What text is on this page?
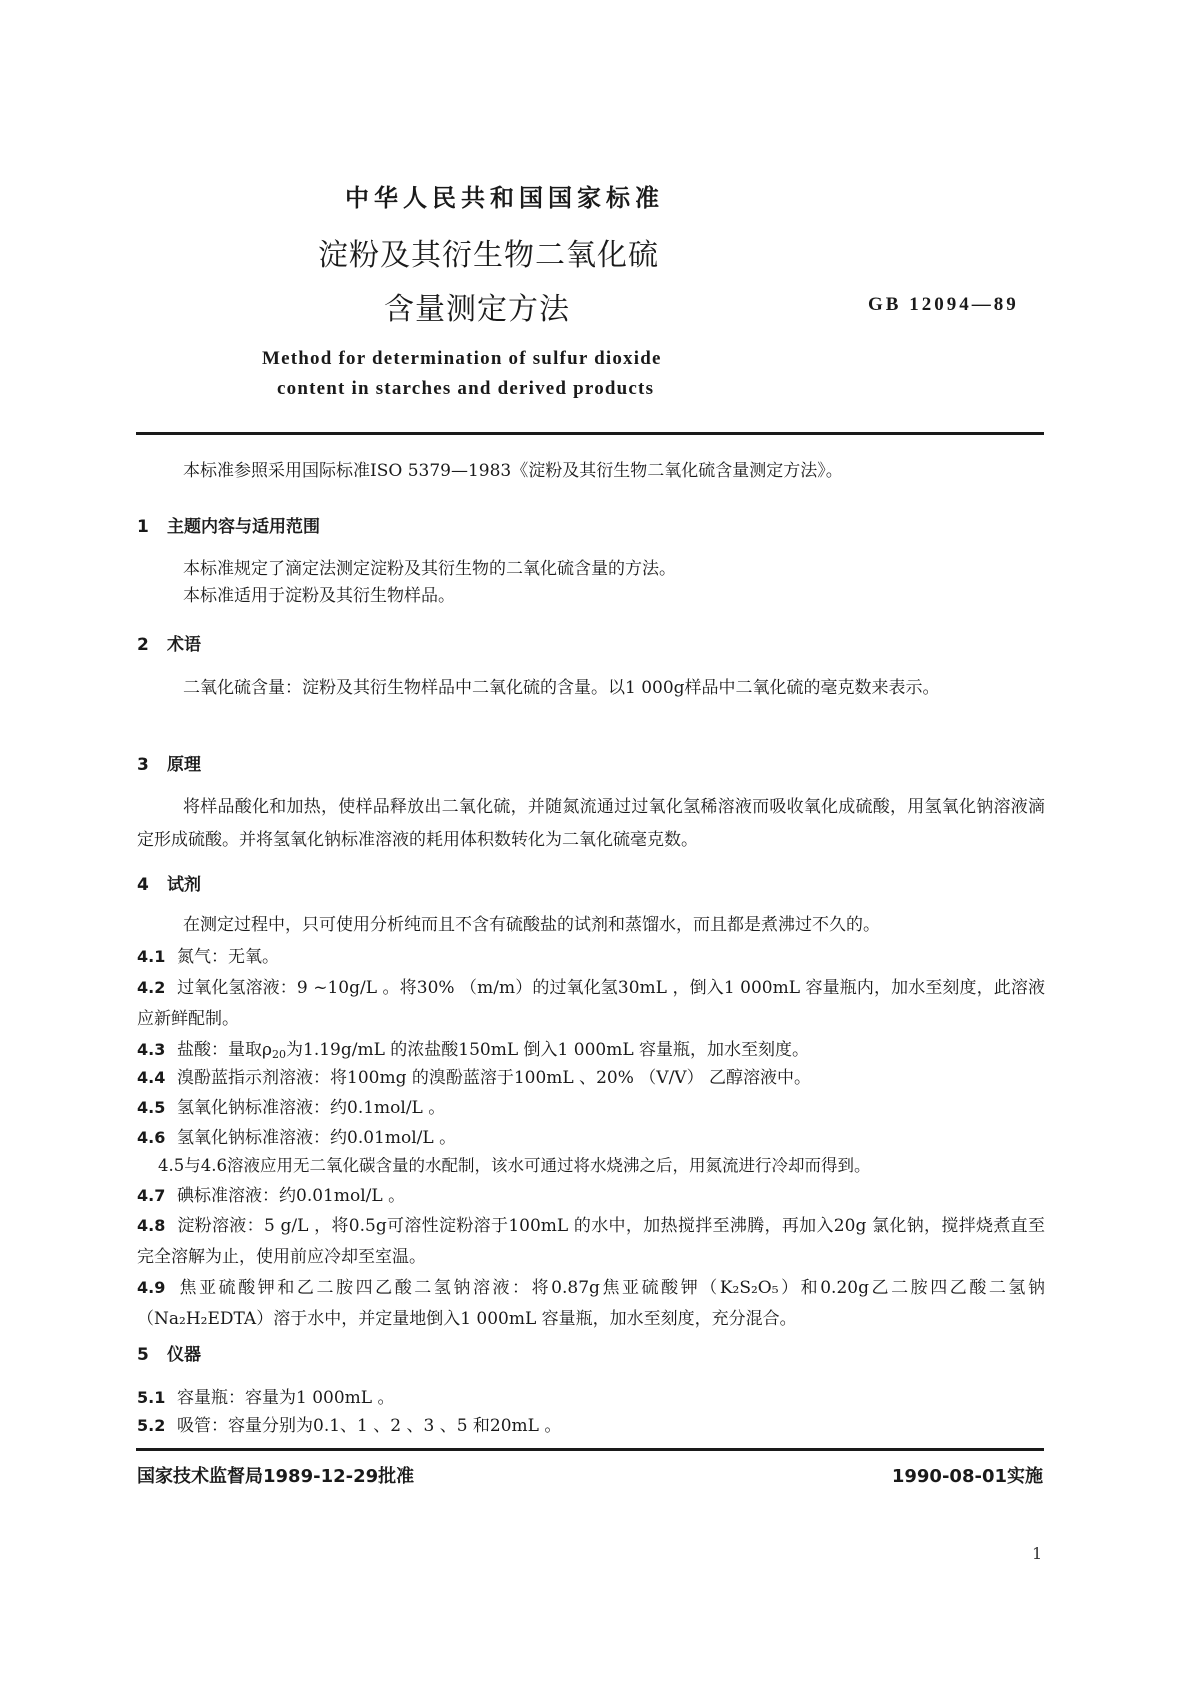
中华人民共和国国家标准
淀粉及其衍生物二氧化硫
含量测定方法	GB 12094—89
Method for determination of sulfur dioxide
content in starches and derived products
本标准参照采用国际标准ISO 5379—1983《淀粉及其衍生物二氧化硫含量测定方法》。
1 主题内容与适用范围
本标准规定了滴定法测定淀粉及其衍生物的二氧化硫含量的方法。
本标准适用于淀粉及其衍生物样品。
2 术语
二氧化硫含量：淀粉及其衍生物样品中二氧化硫的含量。以1 000g样品中二氧化硫的毫克数来表示。
3 原理
将样品酸化和加热，使样品释放出二氧化硫，并随氮流通过过氧化氢稀溶液而吸收氧化成硫酸，用氢氧化钠溶液滴定形成硫酸。并将氢氧化钠标准溶液的耗用体积数转化为二氧化硫毫克数。
4 试剂
在测定过程中，只可使用分析纯而且不含有硫酸盐的试剂和蒸馏水，而且都是煮沸过不久的。
4.1 氮气：无氧。
4.2 过氧化氢溶液：9 ~10g/L 。将30% （m/m）的过氧化氢30mL ，倒入1 000mL 容量瓶内，加水至刻度，此溶液应新鲜配制。
4.3 盐酸：量取$\rho_{20}$为1.19g/mL 的浓盐酸150mL 倒入1 000mL 容量瓶，加水至刻度。
4.4 溴酚蓝指示剂溶液：将100mg 的溴酚蓝溶于100mL 、20% （V/V） 乙醇溶液中。
4.5 氢氧化钠标准溶液：约0.1mol/L 。
4.6 氢氧化钠标准溶液：约0.01mol/L 。
4.5与4.6溶液应用无二氧化碳含量的水配制，该水可通过将水烧沸之后，用氮流进行冷却而得到。
4.7 碘标准溶液：约0.01mol/L 。
4.8 淀粉溶液：5 g/L ，将0.5g可溶性淀粉溶于100mL 的水中，加热搅拌至沸腾，再加入20g 氯化钠，搅拌烧煮直至完全溶解为止，使用前应冷却至室温。
4.9 焦亚硫酸钾和乙二胺四乙酸二氢钠溶液：将0.87g焦亚硫酸钾（K₂S₂O₅）和0.20g乙二胺四乙酸二氢钠（Na₂H₂EDTA）溶于水中，并定量地倒入1 000mL 容量瓶，加水至刻度，充分混合。
5 仪器
5.1 容量瓶：容量为1 000mL 。
5.2 吸管：容量分别为0.1、1 、2 、3 、5 和20mL 。
国家技术监督局1989-12-29批准	1990-08-01实施
1
